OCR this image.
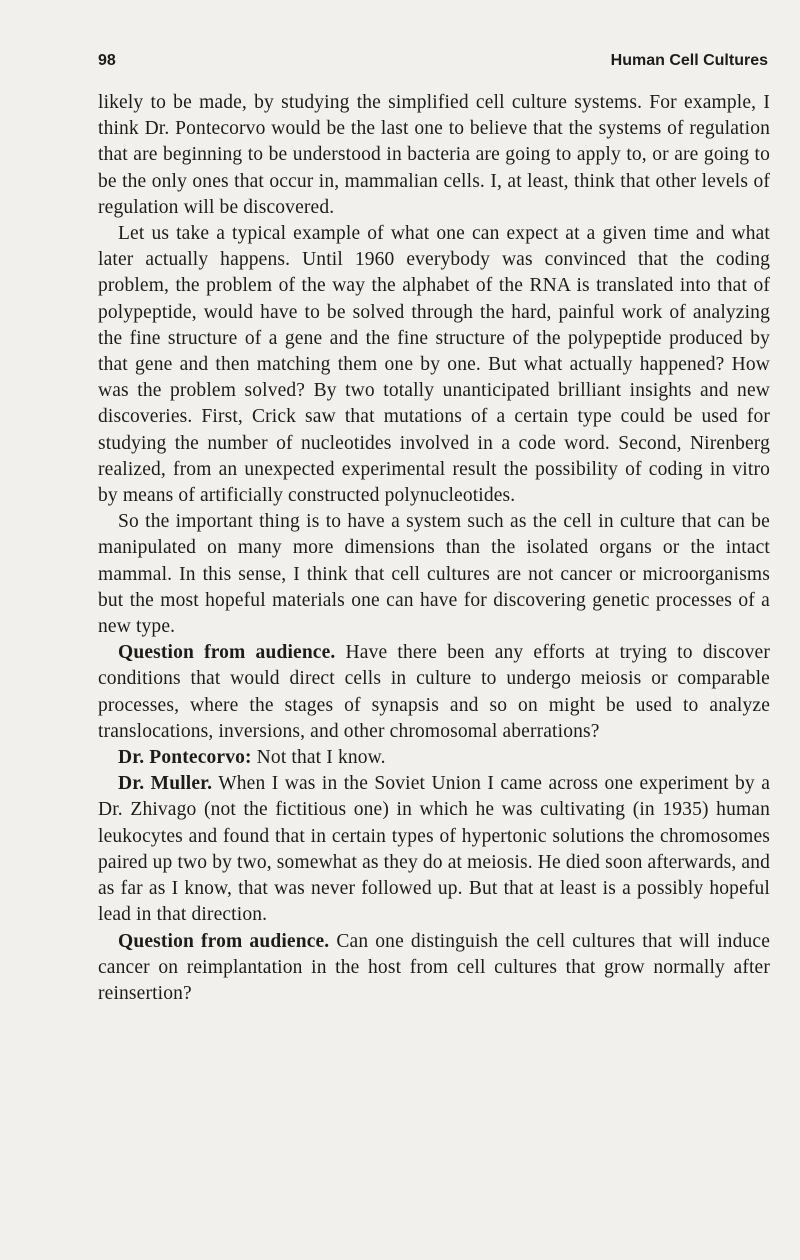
98	Human Cell Cultures

likely to be made, by studying the simplified cell culture systems. For example, I think Dr. Pontecorvo would be the last one to believe that the systems of regulation that are beginning to be understood in bacteria are going to apply to, or are going to be the only ones that occur in, mammalian cells. I, at least, think that other levels of regulation will be discovered.

Let us take a typical example of what one can expect at a given time and what later actually happens. Until 1960 everybody was convinced that the coding problem, the problem of the way the alphabet of the RNA is translated into that of polypeptide, would have to be solved through the hard, painful work of analyzing the fine structure of a gene and the fine structure of the polypeptide produced by that gene and then matching them one by one. But what actually happened? How was the problem solved? By two totally unanticipated brilliant insights and new discoveries. First, Crick saw that mutations of a certain type could be used for studying the number of nucleotides involved in a code word. Second, Nirenberg realized, from an unexpected experimental result the possibility of coding in vitro by means of artificially constructed polynucleotides.

So the important thing is to have a system such as the cell in culture that can be manipulated on many more dimensions than the isolated organs or the intact mammal. In this sense, I think that cell cultures are not cancer or microorganisms but the most hopeful materials one can have for discovering genetic processes of a new type.

Question from audience. Have there been any efforts at trying to discover conditions that would direct cells in culture to undergo meiosis or comparable processes, where the stages of synapsis and so on might be used to analyze translocations, inversions, and other chromosomal aberrations?

Dr. Pontecorvo: Not that I know.

Dr. Muller. When I was in the Soviet Union I came across one experiment by a Dr. Zhivago (not the fictitious one) in which he was cultivating (in 1935) human leukocytes and found that in certain types of hypertonic solutions the chromosomes paired up two by two, somewhat as they do at meiosis. He died soon afterwards, and as far as I know, that was never followed up. But that at least is a possibly hopeful lead in that direction.

Question from audience. Can one distinguish the cell cultures that will induce cancer on reimplantation in the host from cell cultures that grow normally after reinsertion?
